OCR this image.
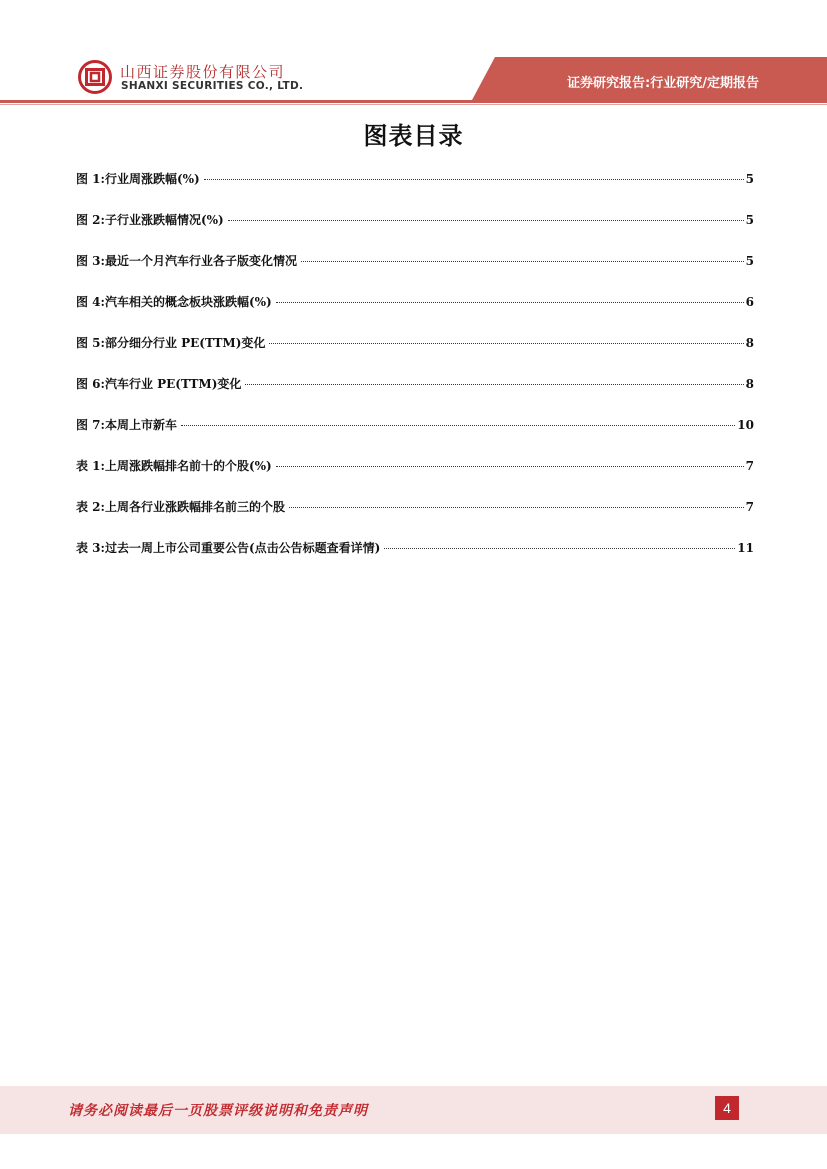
山西证券股份有限公司
SHANXI SECURITIES CO., LTD.	证券研究报告:行业研究/定期报告
图表目录
图 1:行业周涨跌幅(%)	5
图 2:子行业涨跌幅情况(%)	5
图 3:最近一个月汽车行业各子版变化情况	5
图 4:汽车相关的概念板块涨跌幅(%)	6
图 5:部分细分行业 PE(TTM)变化	8
图 6:汽车行业 PE(TTM)变化	8
图 7:本周上市新车	10
表 1:上周涨跌幅排名前十的个股(%)	7
表 2:上周各行业涨跌幅排名前三的个股	7
表 3:过去一周上市公司重要公告(点击公告标题查看详情)	11
请务必阅读最后一页股票评级说明和免责声明	4
